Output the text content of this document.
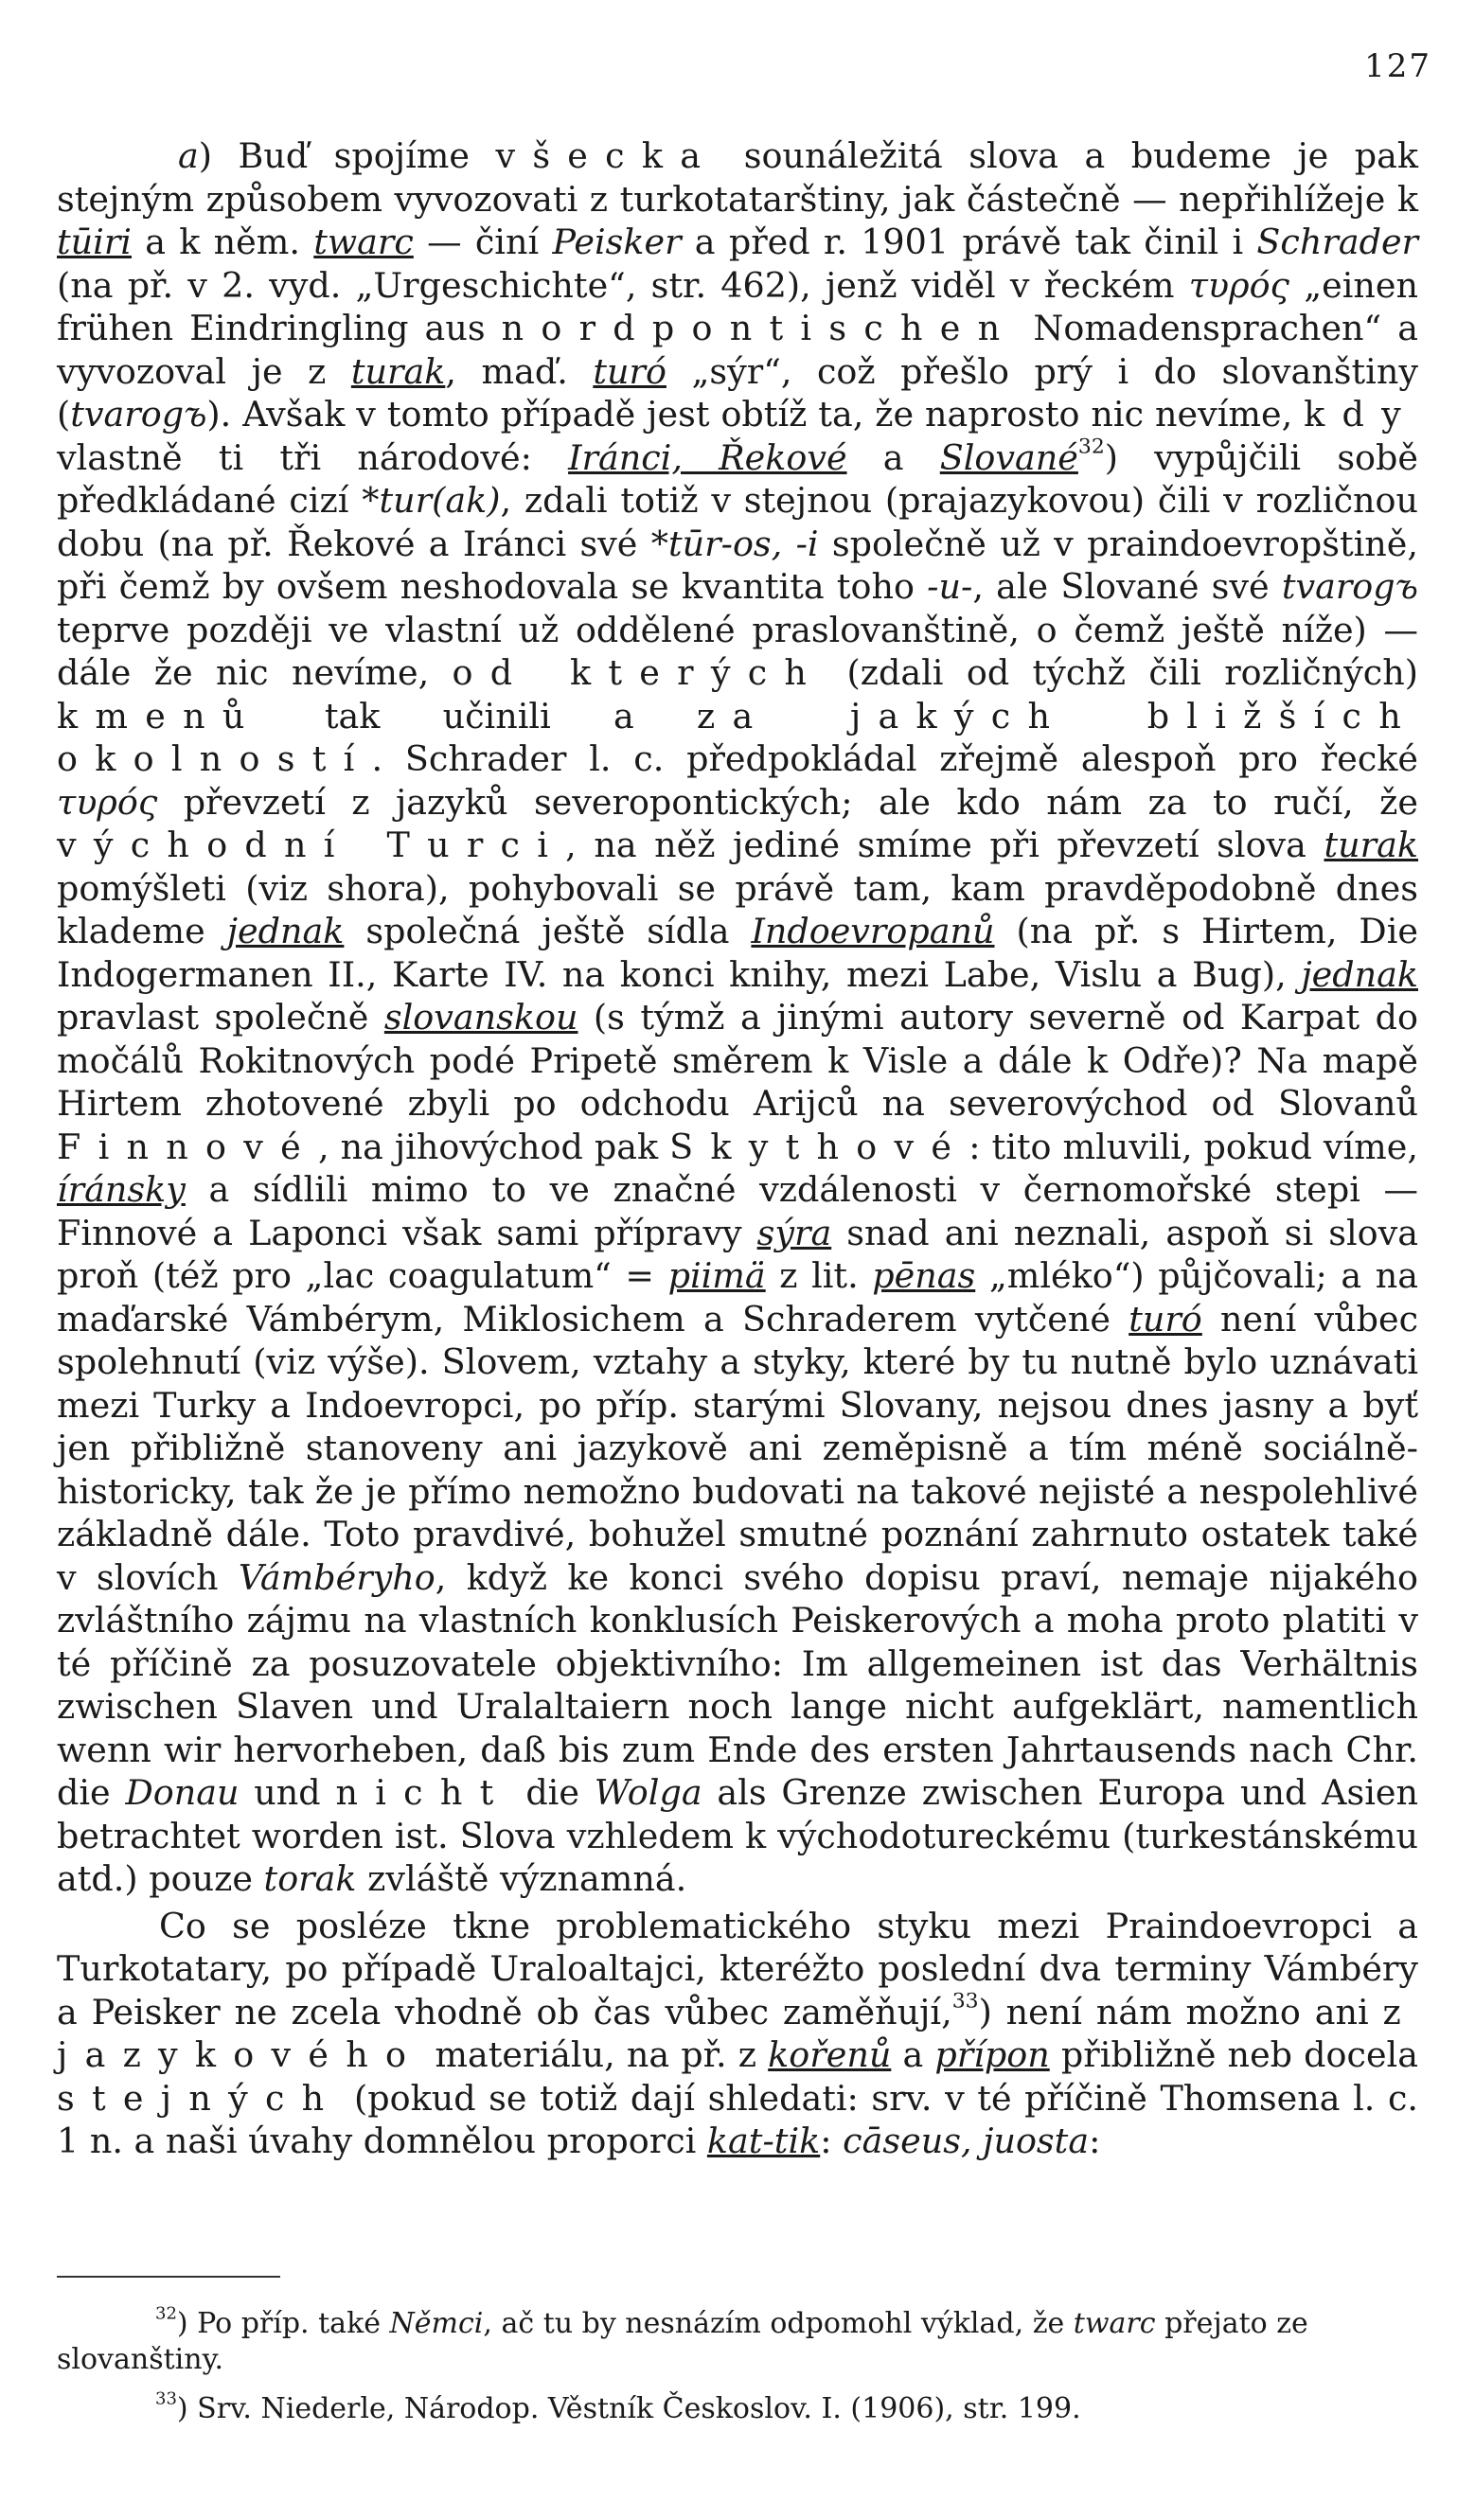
127

a) Buď spojíme všecka sounáležitá slova a budeme je pak stejným způsobem vyvozovati z turkotatarštiny, jak částečně — nepřihlížeje k tūiri a k něm. twarc — činí Peisker a před r. 1901 právě tak činil i Schrader (na př. v 2. vyd. „Urgeschichte“, str. 462), jenž viděl v řeckém τυρός „einen frühen Eindringling aus nordpontischen Nomadensprachen“ a vyvozoval je z turak, maď. turó „sýr“, což přešlo prý i do slovanštiny (tvarogъ). Avšak v tomto případě jest obtíž ta, že naprosto nic nevíme, kdy vlastně ti tři národové: Iránci, Řekové a Slované$^{32}$) vypůjčili sobě předkládané cizí *tur(ak), zdali totiž v stejnou (prajazykovou) čili v rozličnou dobu (na př. Řekové a Iránci své *tūr-os, -i společně už v praindoevropštině, při čemž by ovšem neshodovala se kvantita toho -u-, ale Slované své tvarogъ teprve později ve vlastní už oddělené praslovanštině, o čemž ještě níže) — dále že nic nevíme, od kterých (zdali od týchž čili rozličných) kmenů tak učinili a za jakých bližších okolností. Schrader l. c. předpokládal zřejmě alespoň pro řecké τυρός převzetí z jazyků severopontických; ale kdo nám za to ručí, že východní Turci, na něž jediné smíme při převzetí slova turak pomýšleti (viz shora), pohybovali se právě tam, kam pravděpodobně dnes klademe jednak společná ještě sídla Indoevropanů (na př. s Hirtem, Die Indogermanen II., Karte IV. na konci knihy, mezi Labe, Vislu a Bug), jednak pravlast společně slovanskou (s týmž a jinými autory severně od Karpat do močálů Rokitnových podé Pripetě směrem k Visle a dále k Odře)? Na mapě Hirtem zhotovené zbyli po odchodu Arijců na severovýchod od Slovanů Finnové, na jihovýchod pak Skythové: tito mluvili, pokud víme, íránsky a sídlili mimo to ve značné vzdálenosti v černomořské stepi — Finnové a Laponci však sami přípravy sýra snad ani neznali, aspoň si slova proň (též pro „lac coagulatum“ = piimä z lit. pēnas „mléko“) půjčovali; a na maďarské Vámbérym, Miklosichem a Schraderem vytčené turó není vůbec spolehnutí (viz výše). Slovem, vztahy a styky, které by tu nutně bylo uznávati mezi Turky a Indoevropci, po příp. starými Slovany, nejsou dnes jasny a byť jen přibližně stanoveny ani jazykově ani zeměpisně a tím méně sociálně-historicky, tak že je přímo nemožno budovati na takové nejisté a nespolehlivé základně dále. Toto pravdivé, bohužel smutné poznání zahrnuto ostatek také v slovích Vámbéryho, když ke konci svého dopisu praví, nemaje nijakého zvláštního zájmu na vlastních konklusích Peiskerových a moha proto platiti v té příčině za posuzovatele objektivního: Im allgemeinen ist das Verhältnis zwischen Slaven und Uralaltaiern noch lange nicht aufgeklärt, namentlich wenn wir hervorheben, daß bis zum Ende des ersten Jahrtausends nach Chr. die Donau und nicht die Wolga als Grenze zwischen Europa und Asien betrachtet worden ist. Slova vzhledem k východotureckému (turkestánskému atd.) pouze torak zvláště významná.

Co se posléze tkne problematického styku mezi Praindoevropci a Turkotatary, po případě Uraloaltajci, kteréžto poslední dva terminy Vámbéry a Peisker ne zcela vhodně ob čas vůbec zaměňují,$^{33}$) není nám možno ani z jazykového materiálu, na př. z kořenů a přípon přibližně neb docela stejných (pokud se totiž dají shledati: srv. v té příčině Thomsena l. c. 1 n. a naši úvahy domnělou proporci kat-tik: cāseus, juosta:

$^{32}$) Po příp. také Němci, ač tu by nesnázím odpomohl výklad, že twarc přejato ze slovanštiny.

$^{33}$) Srv. Niederle, Národop. Věstník Českoslov. I. (1906), str. 199.
